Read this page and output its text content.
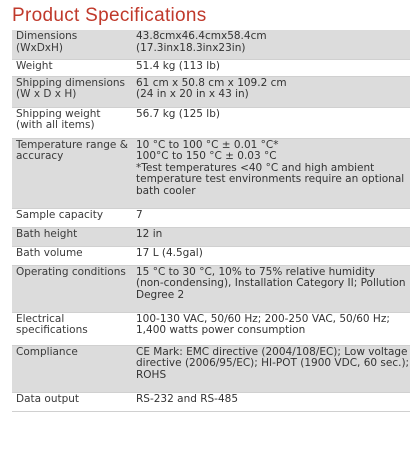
Product Specifications
Dimensions
(WxDxH)	43.8cmx46.4cmx58.4cm
(17.3inx18.3inx23in)

Weight	51.4 kg (113 lb)

Shipping dimensions
(W x D x H)	61 cm x 50.8 cm x 109.2 cm
(24 in x 20 in x 43 in)

Shipping weight
(with all items)	56.7 kg (125 lb)

Temperature range &
accuracy	10 °C to 100 °C ± 0.01 °C*
100°C to 150 °C ± 0.03 °C
*Test temperatures <40 °C and high ambient
temperature test environments require an optional
bath cooler

Sample capacity	7

Bath height	12 in

Bath volume	17 L (4.5gal)

Operating conditions	15 °C to 30 °C, 10% to 75% relative humidity
(non-condensing), Installation Category II; Pollution
Degree 2

Electrical
specifications	100-130 VAC, 50/60 Hz; 200-250 VAC, 50/60 Hz;
1,400 watts power consumption

Compliance	CE Mark: EMC directive (2004/108/EC); Low voltage
directive (2006/95/EC); HI-POT (1900 VDC, 60 sec.);
ROHS

Data output	RS-232 and RS-485
